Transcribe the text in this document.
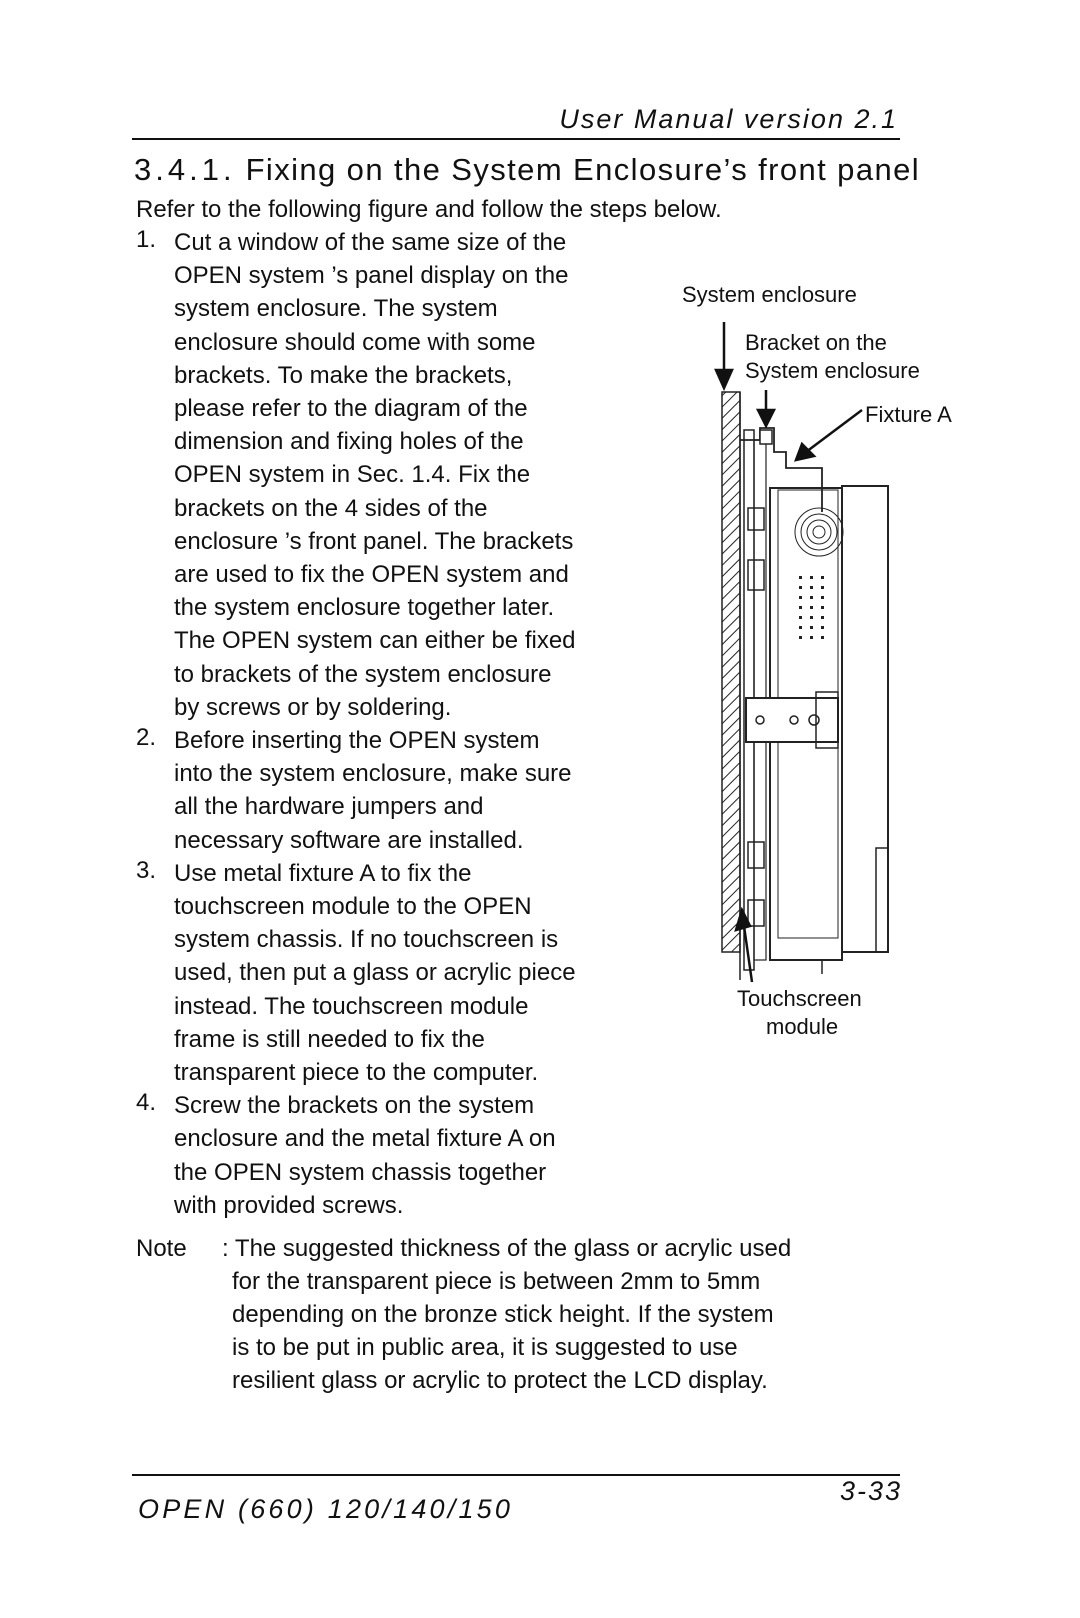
User Manual version 2.1
3.4.1. Fixing on the System Enclosure’s front panel
Refer to the following figure and follow the steps below.
1. Cut a window of the same size of the
OPEN system ’s panel display on the
system enclosure. The system
enclosure should come with some
brackets. To make the brackets,
please refer to the diagram of the
dimension and fixing holes of the
OPEN system in Sec. 1.4. Fix the
brackets on the 4 sides of the
enclosure ’s front panel. The brackets
are used to fix the OPEN system and
the system enclosure together later.
The OPEN system can either be fixed
to brackets of the system enclosure
by screws or by soldering.
2. Before inserting the OPEN system
into the system enclosure, make sure
all the hardware jumpers and
necessary software are installed.
3. Use metal fixture A to fix the
touchscreen module to the OPEN
system chassis. If no touchscreen is
used, then put a glass or acrylic piece
instead. The touchscreen module
frame is still needed to fix the
transparent piece to the computer.
4. Screw the brackets on the system
enclosure and the metal fixture A on
the OPEN system chassis together
with provided screws.
Note : The suggested thickness of the glass or acrylic used
for the transparent piece is between 2mm to 5mm
depending on the bronze stick height. If the system
is to be put in public area, it is suggested to use
resilient glass or acrylic to protect the LCD display.
System enclosure
Bracket on the
System enclosure
Fixture A
Touchscreen
module
OPEN (660) 120/140/150
3-33
